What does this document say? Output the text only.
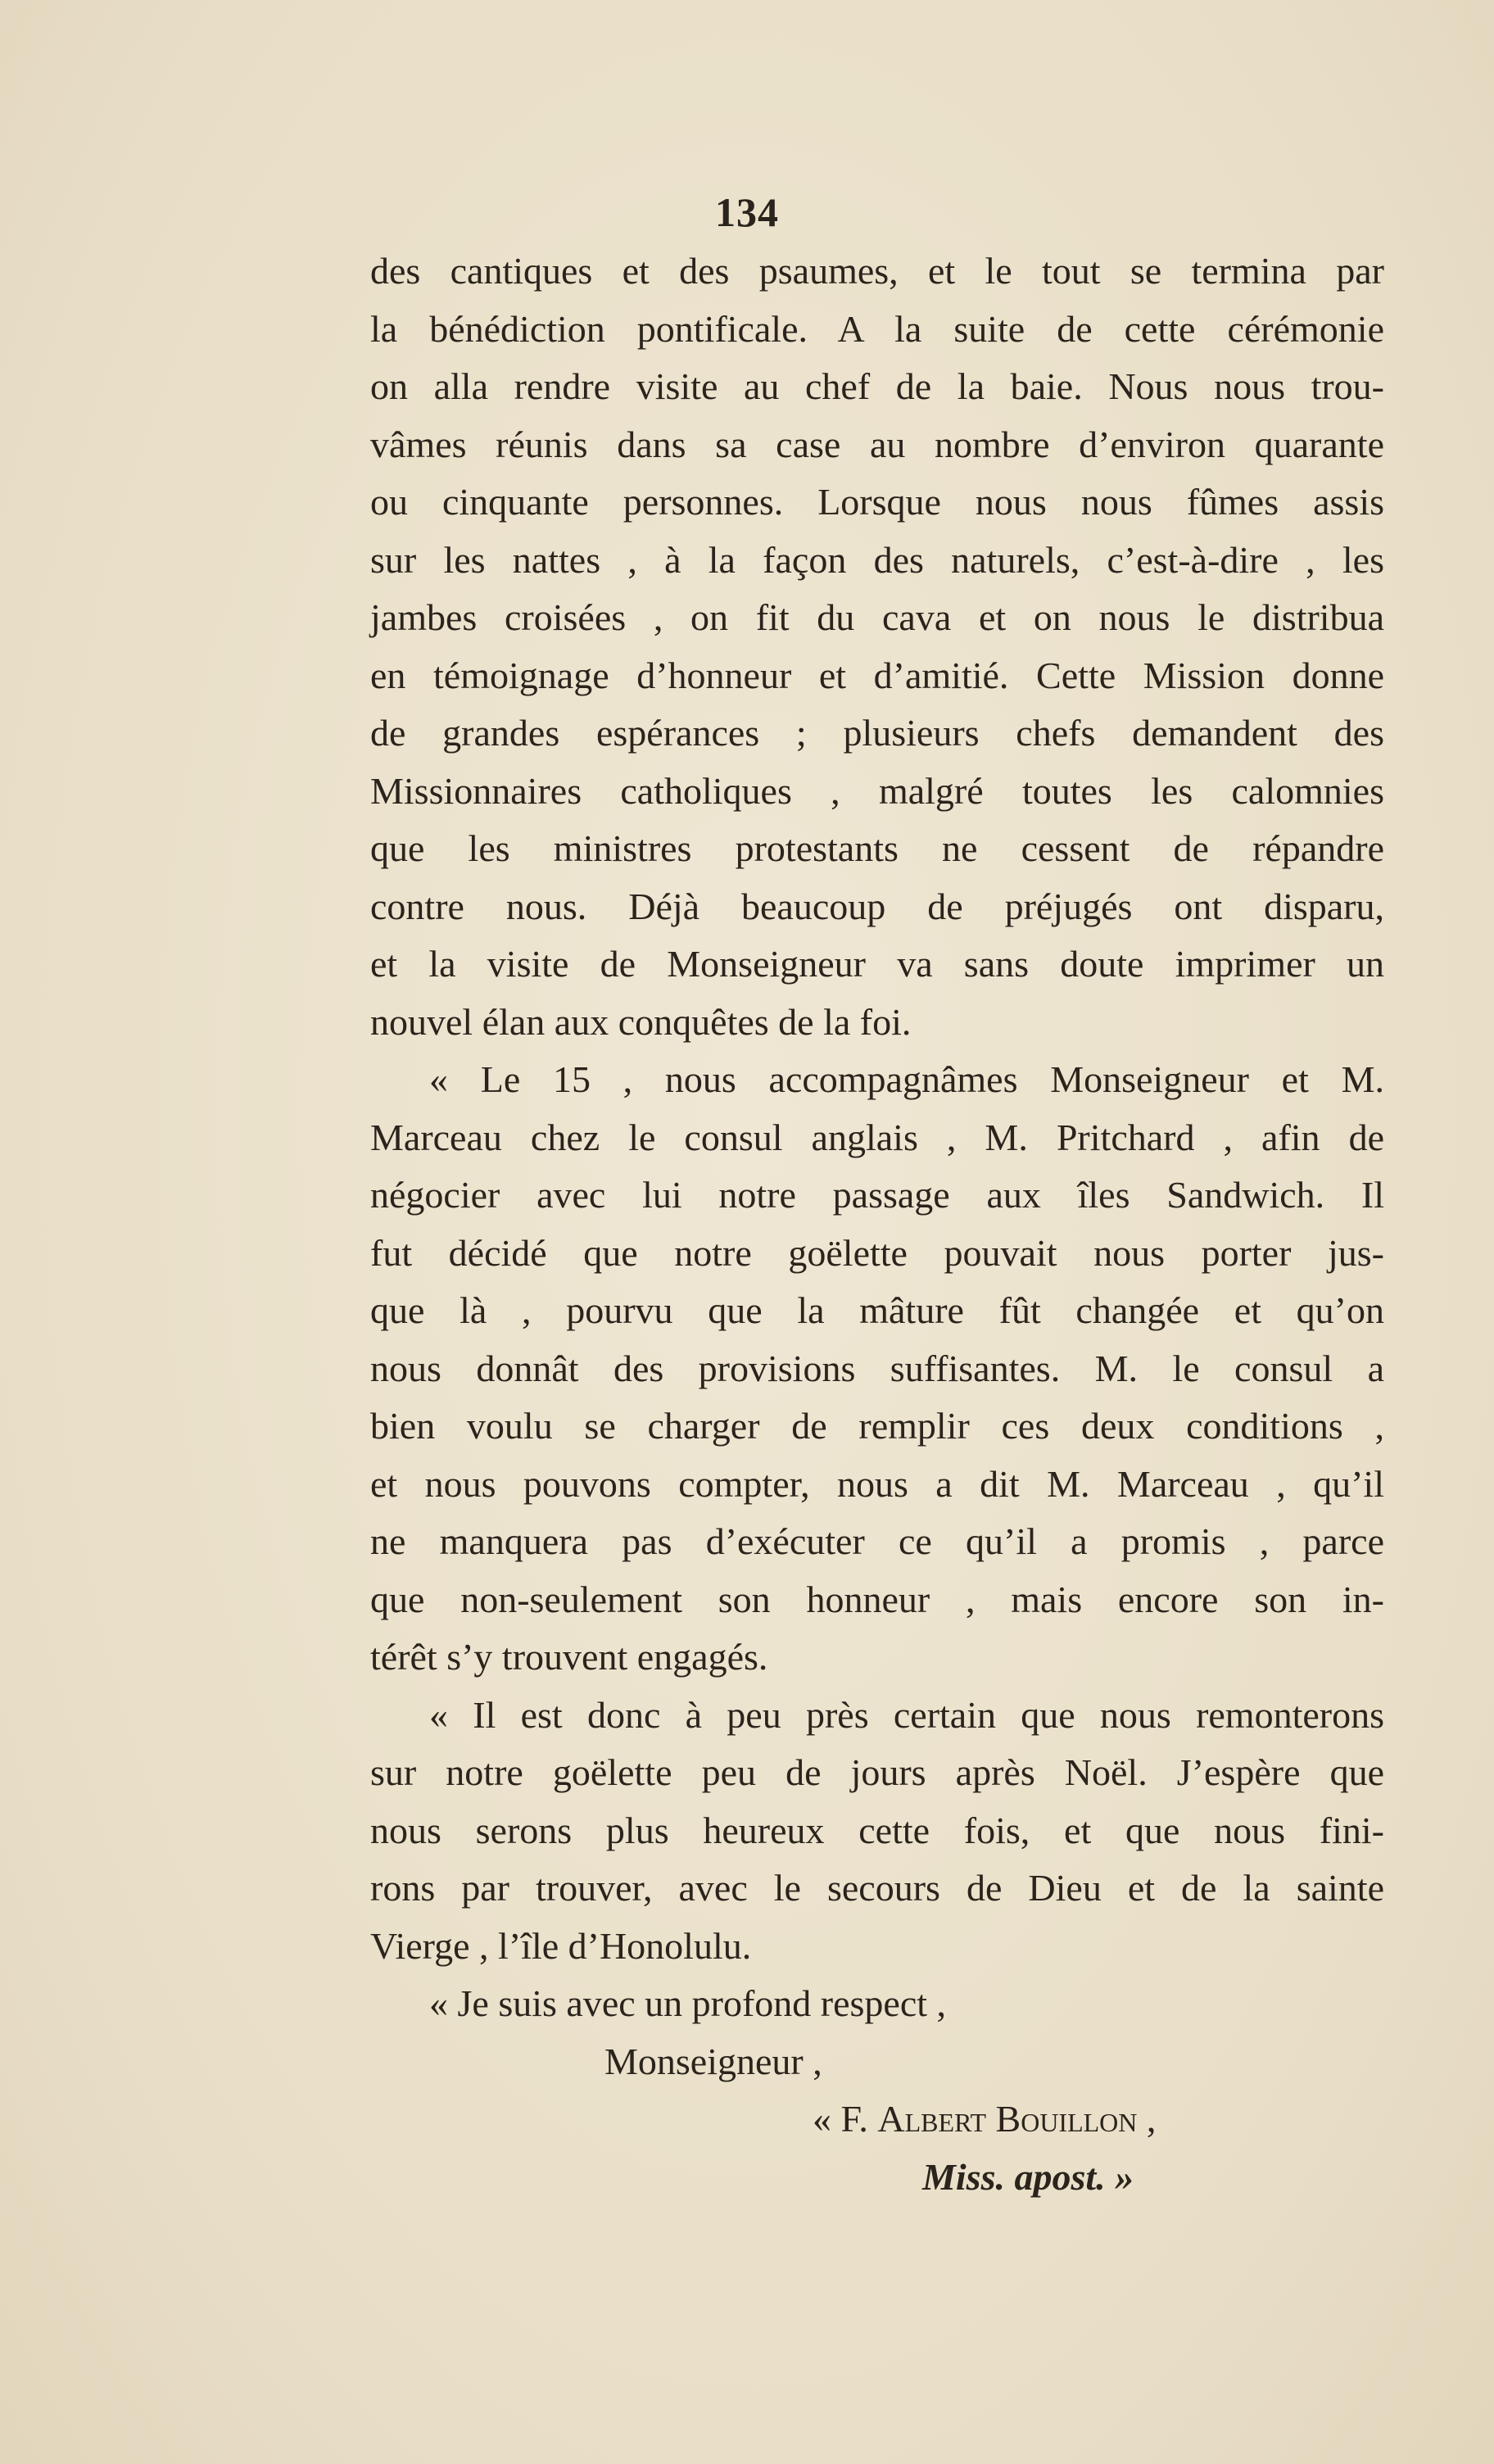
134
des cantiques et des psaumes, et le tout se termina par
la bénédiction pontificale. A la suite de cette cérémonie
on alla rendre visite au chef de la baie. Nous nous trou-
vâmes réunis dans sa case au nombre d’environ quarante
ou cinquante personnes. Lorsque nous nous fûmes assis
sur les nattes , à la façon des naturels, c’est-à-dire , les
jambes croisées , on fit du cava et on nous le distribua
en témoignage d’honneur et d’amitié. Cette Mission donne
de grandes espérances ; plusieurs chefs demandent des
Missionnaires catholiques , malgré toutes les calomnies
que les ministres protestants ne cessent de répandre
contre nous. Déjà beaucoup de préjugés ont disparu,
et la visite de Monseigneur va sans doute imprimer un
nouvel élan aux conquêtes de la foi.
« Le 15 , nous accompagnâmes Monseigneur et M.
Marceau chez le consul anglais , M. Pritchard , afin de
négocier avec lui notre passage aux îles Sandwich. Il
fut décidé que notre goëlette pouvait nous porter jus-
que là , pourvu que la mâture fût changée et qu’on
nous donnât des provisions suffisantes. M. le consul a
bien voulu se charger de remplir ces deux conditions ,
et nous pouvons compter, nous a dit M. Marceau , qu’il
ne manquera pas d’exécuter ce qu’il a promis , parce
que non-seulement son honneur , mais encore son in-
térêt s’y trouvent engagés.
« Il est donc à peu près certain que nous remonterons
sur notre goëlette peu de jours après Noël. J’espère que
nous serons plus heureux cette fois, et que nous fini-
rons par trouver, avec le secours de Dieu et de la sainte
Vierge , l’île d’Honolulu.
« Je suis avec un profond respect ,
Monseigneur ,
« F. Albert Bouillon ,
Miss. apost. »
